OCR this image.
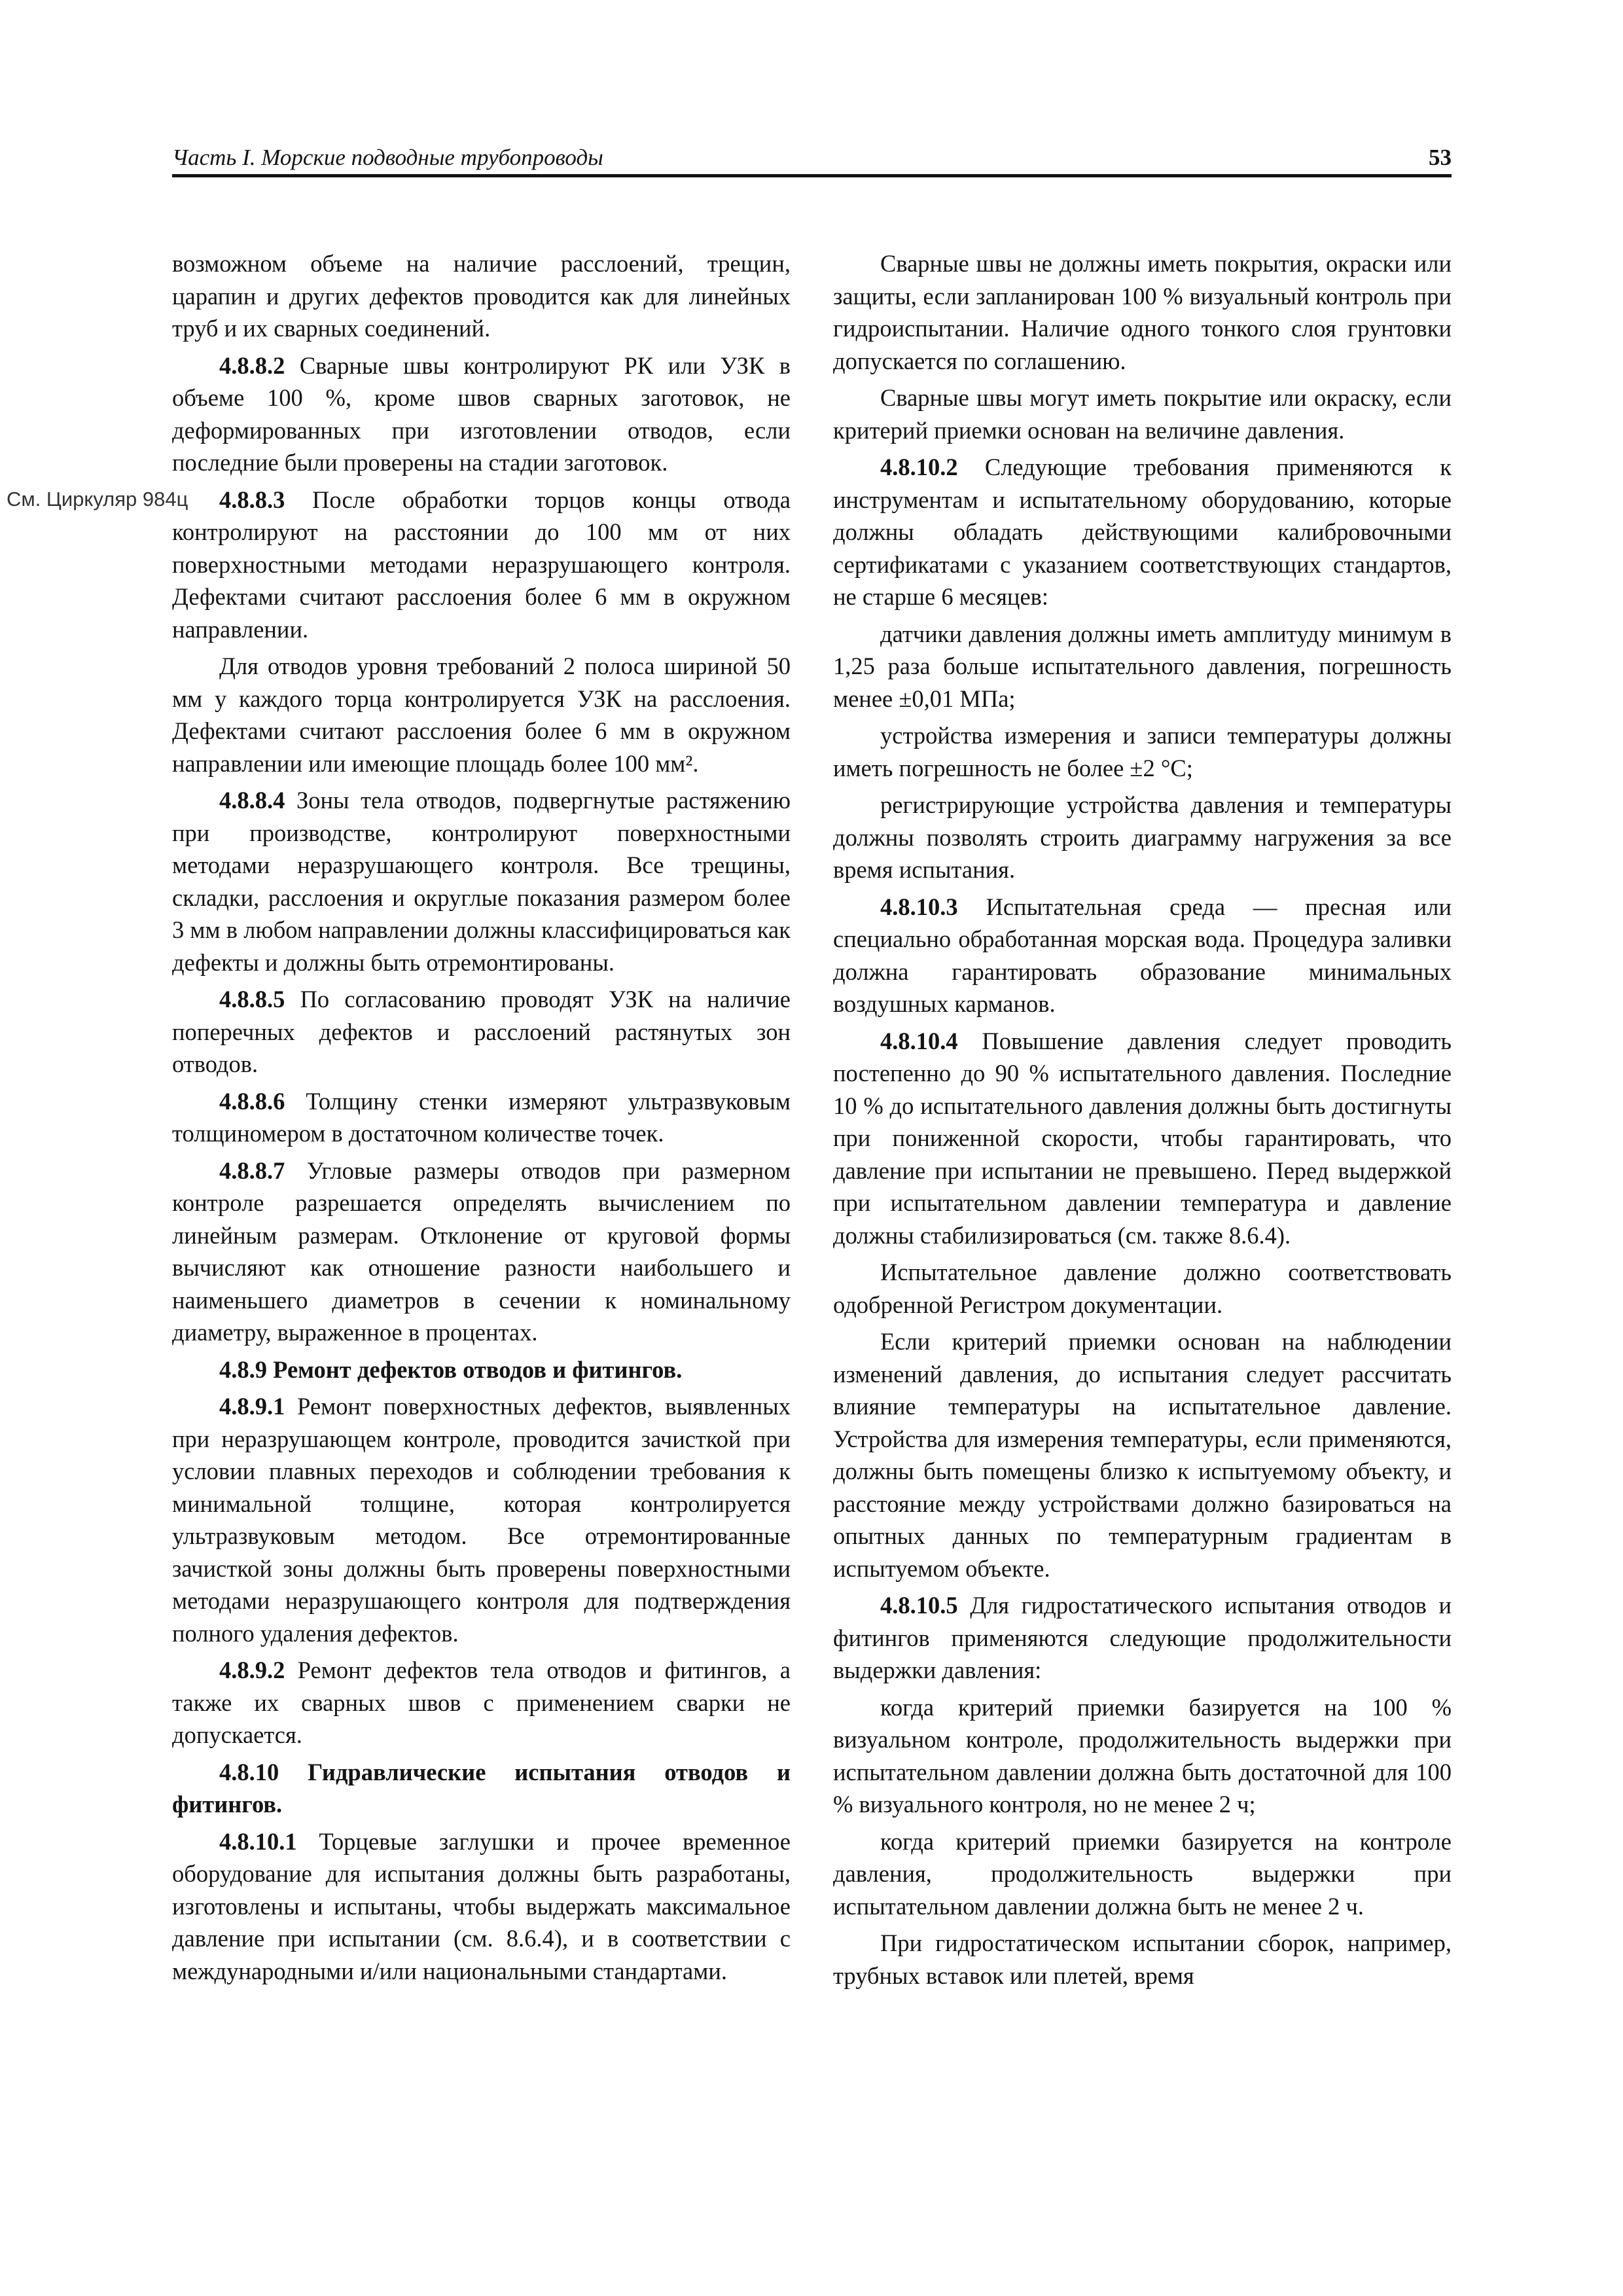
Часть I. Морские подводные трубопроводы	53
См. Циркуляр 984ц

возможном объеме на наличие расслоений, трещин, царапин и других дефектов проводится как для линейных труб и их сварных соединений.

4.8.8.2 Сварные швы контролируют РК или УЗК в объеме 100 %, кроме швов сварных заготовок, не деформированных при изготовлении отводов, если последние были проверены на стадии заготовок.

4.8.8.3 После обработки торцов концы отвода контролируют на расстоянии до 100 мм от них поверхностными методами неразрушающего контроля. Дефектами считают расслоения более 6 мм в окружном направлении.

Для отводов уровня требований 2 полоса шириной 50 мм у каждого торца контролируется УЗК на расслоения. Дефектами считают расслоения более 6 мм в окружном направлении или имеющие площадь более 100 мм².

4.8.8.4 Зоны тела отводов, подвергнутые растяжению при производстве, контролируют поверхностными методами неразрушающего контроля. Все трещины, складки, расслоения и округлые показания размером более 3 мм в любом направлении должны классифицироваться как дефекты и должны быть отремонтированы.

4.8.8.5 По согласованию проводят УЗК на наличие поперечных дефектов и расслоений растянутых зон отводов.

4.8.8.6 Толщину стенки измеряют ультразвуковым толщиномером в достаточном количестве точек.

4.8.8.7 Угловые размеры отводов при размерном контроле разрешается определять вычислением по линейным размерам. Отклонение от круговой формы вычисляют как отношение разности наибольшего и наименьшего диаметров в сечении к номинальному диаметру, выраженное в процентах.

4.8.9 Ремонт дефектов отводов и фитингов.

4.8.9.1 Ремонт поверхностных дефектов, выявленных при неразрушающем контроле, проводится зачисткой при условии плавных переходов и соблюдении требования к минимальной толщине, которая контролируется ультразвуковым методом. Все отремонтированные зачисткой зоны должны быть проверены поверхностными методами неразрушающего контроля для подтверждения полного удаления дефектов.

4.8.9.2 Ремонт дефектов тела отводов и фитингов, а также их сварных швов с применением сварки не допускается.

4.8.10 Гидравлические испытания отводов и фитингов.

4.8.10.1 Торцевые заглушки и прочее временное оборудование для испытания должны быть разработаны, изготовлены и испытаны, чтобы выдержать максимальное давление при испытании (см. 8.6.4), и в соответствии с международными и/или национальными стандартами.

Сварные швы не должны иметь покрытия, окраски или защиты, если запланирован 100 % визуальный контроль при гидроиспытании. Наличие одного тонкого слоя грунтовки допускается по соглашению.

Сварные швы могут иметь покрытие или окраску, если критерий приемки основан на величине давления.

4.8.10.2 Следующие требования применяются к инструментам и испытательному оборудованию, которые должны обладать действующими калибровочными сертификатами с указанием соответствующих стандартов, не старше 6 месяцев:

датчики давления должны иметь амплитуду минимум в 1,25 раза больше испытательного давления, погрешность менее ±0,01 МПа;

устройства измерения и записи температуры должны иметь погрешность не более ±2 °C;

регистрирующие устройства давления и температуры должны позволять строить диаграмму нагружения за все время испытания.

4.8.10.3 Испытательная среда — пресная или специально обработанная морская вода. Процедура заливки должна гарантировать образование минимальных воздушных карманов.

4.8.10.4 Повышение давления следует проводить постепенно до 90 % испытательного давления. Последние 10 % до испытательного давления должны быть достигнуты при пониженной скорости, чтобы гарантировать, что давление при испытании не превышено. Перед выдержкой при испытательном давлении температура и давление должны стабилизироваться (см. также 8.6.4).

Испытательное давление должно соответствовать одобренной Регистром документации.

Если критерий приемки основан на наблюдении изменений давления, до испытания следует рассчитать влияние температуры на испытательное давление. Устройства для измерения температуры, если применяются, должны быть помещены близко к испытуемому объекту, и расстояние между устройствами должно базироваться на опытных данных по температурным градиентам в испытуемом объекте.

4.8.10.5 Для гидростатического испытания отводов и фитингов применяются следующие продолжительности выдержки давления:

когда критерий приемки базируется на 100 % визуальном контроле, продолжительность выдержки при испытательном давлении должна быть достаточной для 100 % визуального контроля, но не менее 2 ч;

когда критерий приемки базируется на контроле давления, продолжительность выдержки при испытательном давлении должна быть не менее 2 ч.

При гидростатическом испытании сборок, например, трубных вставок или плетей, время
